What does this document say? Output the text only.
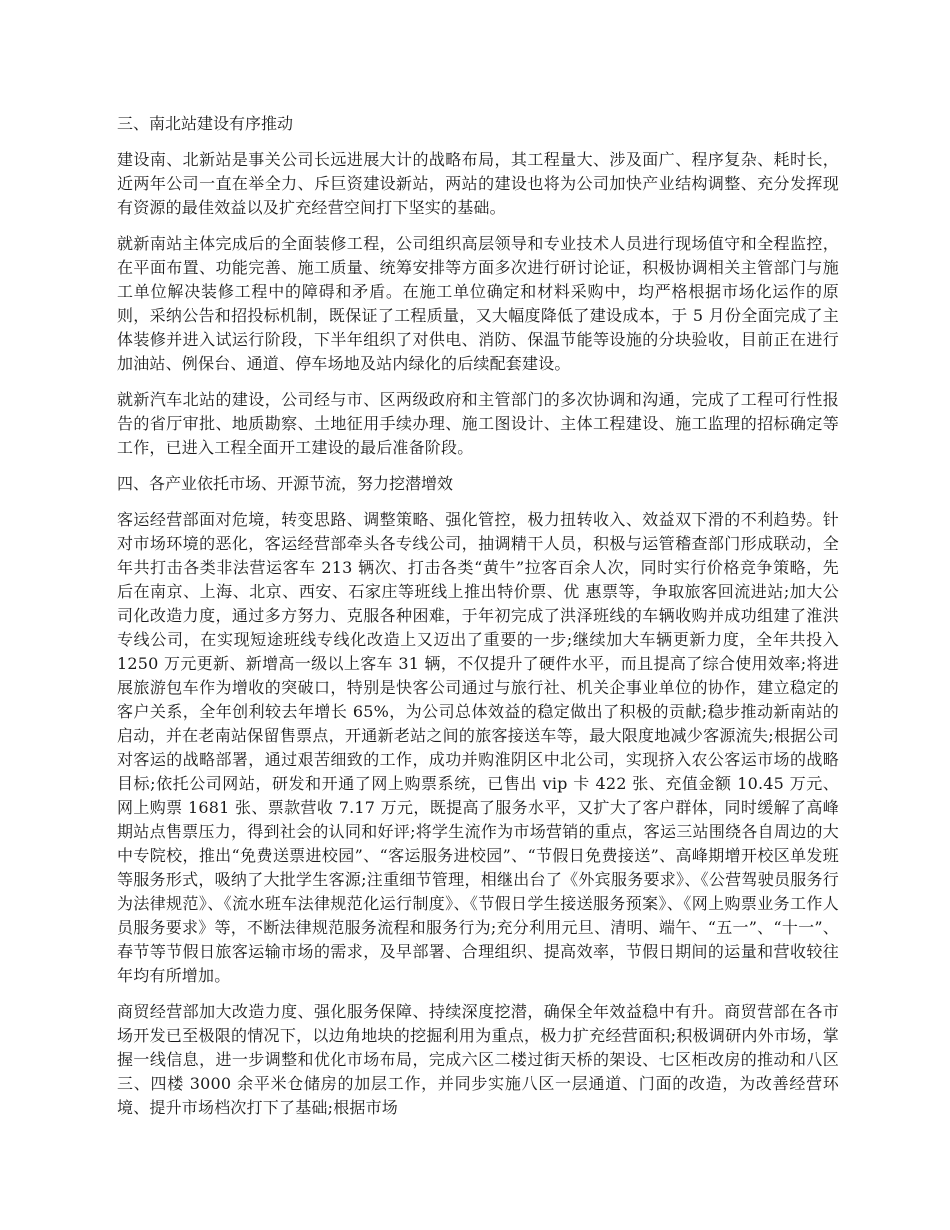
三、南北站建设有序推动

建设南、北新站是事关公司长远进展大计的战略布局，其工程量大、涉及面广、程序复杂、耗时长，近两年公司一直在举全力、斥巨资建设新站，两站的建设也将为公司加快产业结构调整、充分发挥现有资源的最佳效益以及扩充经营空间打下坚实的基础。

就新南站主体完成后的全面装修工程，公司组织高层领导和专业技术人员进行现场值守和全程监控，在平面布置、功能完善、施工质量、统筹安排等方面多次进行研讨论证，积极协调相关主管部门与施工单位解决装修工程中的障碍和矛盾。在施工单位确定和材料采购中，均严格根据市场化运作的原则，采纳公告和招投标机制，既保证了工程质量，又大幅度降低了建设成本，于 5 月份全面完成了主体装修并进入试运行阶段，下半年组织了对供电、消防、保温节能等设施的分块验收，目前正在进行加油站、例保台、通道、停车场地及站内绿化的后续配套建设。

就新汽车北站的建设，公司经与市、区两级政府和主管部门的多次协调和沟通，完成了工程可行性报告的省厅审批、地质勘察、土地征用手续办理、施工图设计、主体工程建设、施工监理的招标确定等工作，已进入工程全面开工建设的最后准备阶段。

四、各产业依托市场、开源节流，努力挖潜增效

客运经营部面对危境，转变思路、调整策略、强化管控，极力扭转收入、效益双下滑的不利趋势。针对市场环境的恶化，客运经营部牵头各专线公司，抽调精干人员，积极与运管稽查部门形成联动，全年共打击各类非法营运客车 213 辆次、打击各类“黄牛”拉客百余人次，同时实行价格竞争策略，先后在南京、上海、北京、西安、石家庄等班线上推出特价票、优 惠票等，争取旅客回流进站;加大公司化改造力度，通过多方努力、克服各种困难，于年初完成了洪泽班线的车辆收购并成功组建了淮洪专线公司，在实现短途班线专线化改造上又迈出了重要的一步;继续加大车辆更新力度，全年共投入 1250 万元更新、新增高一级以上客车 31 辆，不仅提升了硬件水平，而且提高了综合使用效率;将进展旅游包车作为增收的突破口，特别是快客公司通过与旅行社、机关企事业单位的协作，建立稳定的客户关系，全年创利较去年增长 65%，为公司总体效益的稳定做出了积极的贡献;稳步推动新南站的启动，并在老南站保留售票点，开通新老站之间的旅客接送车等，最大限度地减少客源流失;根据公司对客运的战略部署，通过艰苦细致的工作，成功并购淮阴区中北公司，实现挤入农公客运市场的战略目标;依托公司网站，研发和开通了网上购票系统，已售出 vip 卡 422 张、充值金额 10.45 万元、网上购票 1681 张、票款营收 7.17 万元，既提高了服务水平，又扩大了客户群体，同时缓解了高峰期站点售票压力，得到社会的认同和好评;将学生流作为市场营销的重点，客运三站围绕各自周边的大中专院校，推出“免费送票进校园”、“客运服务进校园”、“节假日免费接送”、高峰期增开校区单发班等服务形式，吸纳了大批学生客源;注重细节管理，相继出台了《外宾服务要求》、《公营驾驶员服务行为法律规范》、《流水班车法律规范化运行制度》、《节假日学生接送服务预案》、《网上购票业务工作人员服务要求》等，不断法律规范服务流程和服务行为;充分利用元旦、清明、端午、“五一”、“十一”、春节等节假日旅客运输市场的需求，及早部署、合理组织、提高效率，节假日期间的运量和营收较往年均有所增加。

商贸经营部加大改造力度、强化服务保障、持续深度挖潜，确保全年效益稳中有升。商贸营部在各市场开发已至极限的情况下，以边角地块的挖掘利用为重点，极力扩充经营面积;积极调研内外市场，掌握一线信息，进一步调整和优化市场布局，完成六区二楼过街天桥的架设、七区柜改房的推动和八区三、四楼 3000 余平米仓储房的加层工作，并同步实施八区一层通道、门面的改造，为改善经营环境、提升市场档次打下了基础;根据市场
